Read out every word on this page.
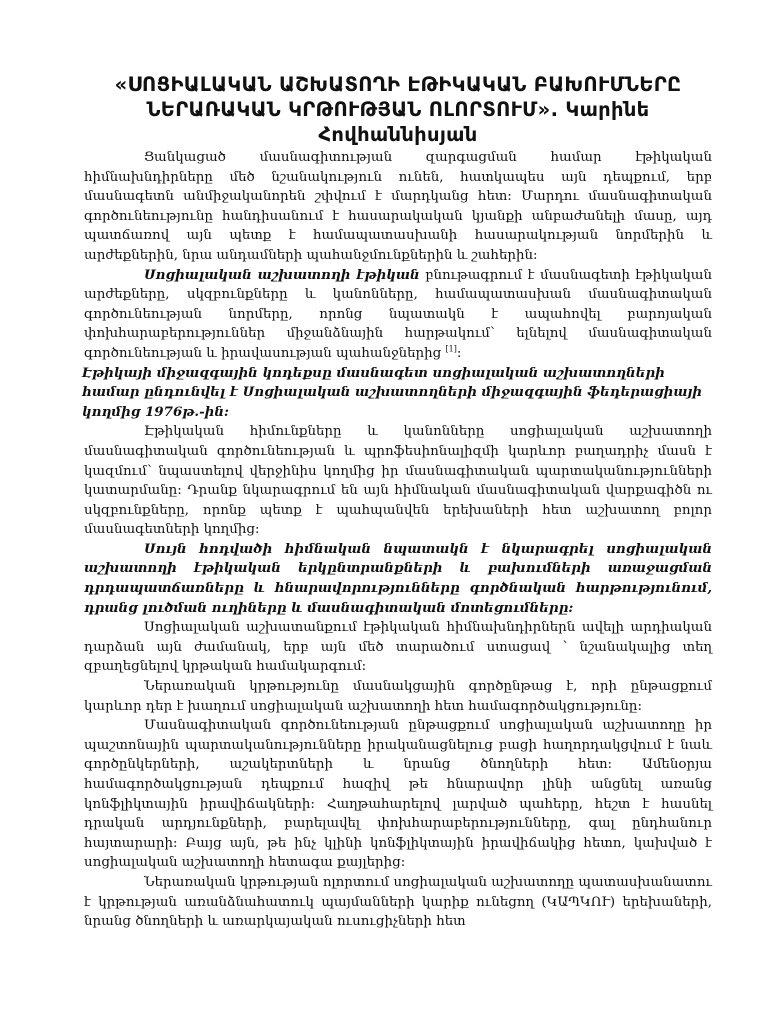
«ՍՈՑԻԱԼԱԿԱՆ ԱՇԽԱՏՈՂԻ ԷԹԻԿԱԿԱՆ ԲԱԽՈՒՄՆԵՐԸ ՆԵՐԱՌԱԿԱՆ ԿՐԹՈՒԹՅԱՆ ՈԼՈՐՏՈՒՄ». Կարինե Հովհաննիսյան

Ցանկացած մասնագիտության զարգացման համար էթիկական հիմնախնդիրները մեծ նշանակություն ունեն, հատկապես այն դեպքում, երբ մասնագետն անմիջականորեն շփվում է մարդկանց հետ: Մարդու մասնագիտական գործունեությունը հանդիսանում է հասարակական կյանքի անբաժանելի մասը, այդ պատճառով այն պետք է համապատասխանի հասարակության նորմերին և արժեքներին, նրա անդամների պահանջմունքներին և շահերին:

Սոցիալական աշխատողի էթիկան բնութագրում է մասնագետի էթիկական արժեքները, սկզբունքները և կանոնները, համապատասխան մասնագիտական գործունեության նորմերը, որոնց նպատակն է ապահովել բարոյական փոխհարաբերություններ միջանձնային հարթակում՝ ելնելով մասնագիտական գործունեության և իրավասության պահանջներից [1]:

Էթիկայի միջազգային կոդեքսը մասնագետ սոցիալական աշխատողների համար ընդունվել է Սոցիալական աշխատողների միջազգային ֆեդերացիայի կողմից 1976թ.-ին:

Էթիկական հիմունքները և կանոնները սոցիալական աշխատողի մասնագիտական գործունեության և պրոֆեսիոնալիզմի կարևոր բաղադրիչ մասն է կազմում՝ նպաստելով վերջինիս կողմից իր մասնագիտական պարտականությունների կատարմանը: Դրանք նկարագրում են այն հիմնական մասնագիտական վարքագիծն ու սկզբունքները, որոնք պետք է պահպանվեն երեխաների հետ աշխատող բոլոր մասնագետների կողմից:

Սույն հոդվածի հիմնական նպատակն է նկարագրել սոցիալական աշխատողի էթիկական երկընտրանքների և բախումների առաջացման դրդապատճառները և հնարավորությունները գործնական հարթությունում, դրանց լուծման ուղիները և մասնագիտական մոտեցումները:

Սոցիալական աշխատանքում էթիկական հիմնախնդիրներն ավելի արդիական դարձան այն ժամանակ, երբ այն մեծ տարածում ստացավ ՝ նշանակալից տեղ զբաղեցնելով կրթական համակարգում:

Ներառական կրթությունը մասնակցային գործընթաց է, որի ընթացքում կարևոր դեր է խաղում սոցիալական աշխատողի հետ համագործակցությունը:

Մասնագիտական գործունեության ընթացքում սոցիալական աշխատողը իր պաշտոնային պարտականությունները իրականացնելուց բացի հաղորդակցվում է նաև գործընկերների, աշակերտների և նրանց ծնողների հետ: Ամենօրյա համագործակցության դեպքում հազիվ թե հնարավոր լինի անցնել առանց կոնֆլիկտային իրավիճակների: Հաղթահարելով լարված պահերը, հեշտ է հասնել դրական արդյունքների, բարելավել փոխհարաբերությունները, գալ ընդհանուր հայտարարի: Բայց այն, թե ինչ կլինի կոնֆլիկտային իրավիճակից հետո, կախված է սոցիալական աշխատողի հետագա քայլերից:

Ներառական կրթության ոլորտում սոցիալական աշխատողը պատասխանատու է կրթության առանձնահատուկ պայմանների կարիք ունեցող (ԿԱՊԿՈՒ) երեխաների, նրանց ծնողների և առարկայական ուսուցիչների հետ
